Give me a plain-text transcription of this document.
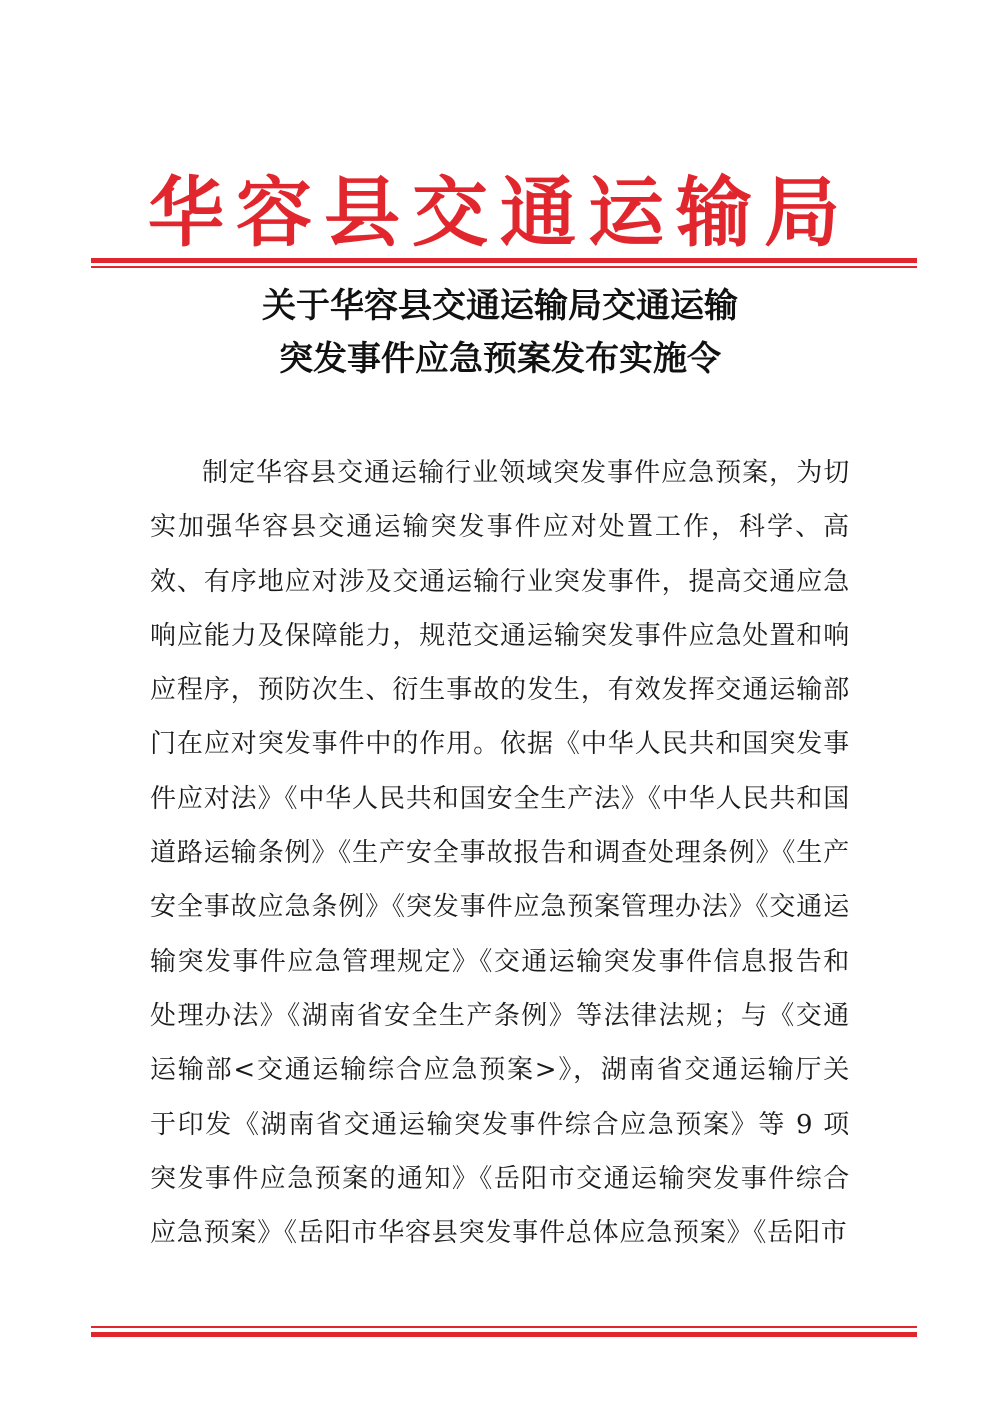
华容县交通运输局
关于华容县交通运输局交通运输
突发事件应急预案发布实施令

制定华容县交通运输行业领域突发事件应急预案，为切实加强华容县交通运输突发事件应对处置工作，科学、高效、有序地应对涉及交通运输行业突发事件，提高交通应急响应能力及保障能力，规范交通运输突发事件应急处置和响应程序，预防次生、衍生事故的发生，有效发挥交通运输部门在应对突发事件中的作用。依据《中华人民共和国突发事件应对法》《中华人民共和国安全生产法》《中华人民共和国道路运输条例》《生产安全事故报告和调查处理条例》《生产安全事故应急条例》《突发事件应急预案管理办法》《交通运输突发事件应急管理规定》《交通运输突发事件信息报告和处理办法》《湖南省安全生产条例》等法律法规；与《交通运输部<交通运输综合应急预案>》，湖南省交通运输厅关于印发《湖南省交通运输突发事件综合应急预案》等 9 项突发事件应急预案的通知》《岳阳市交通运输突发事件综合应急预案》《岳阳市华容县突发事件总体应急预案》《岳阳市
